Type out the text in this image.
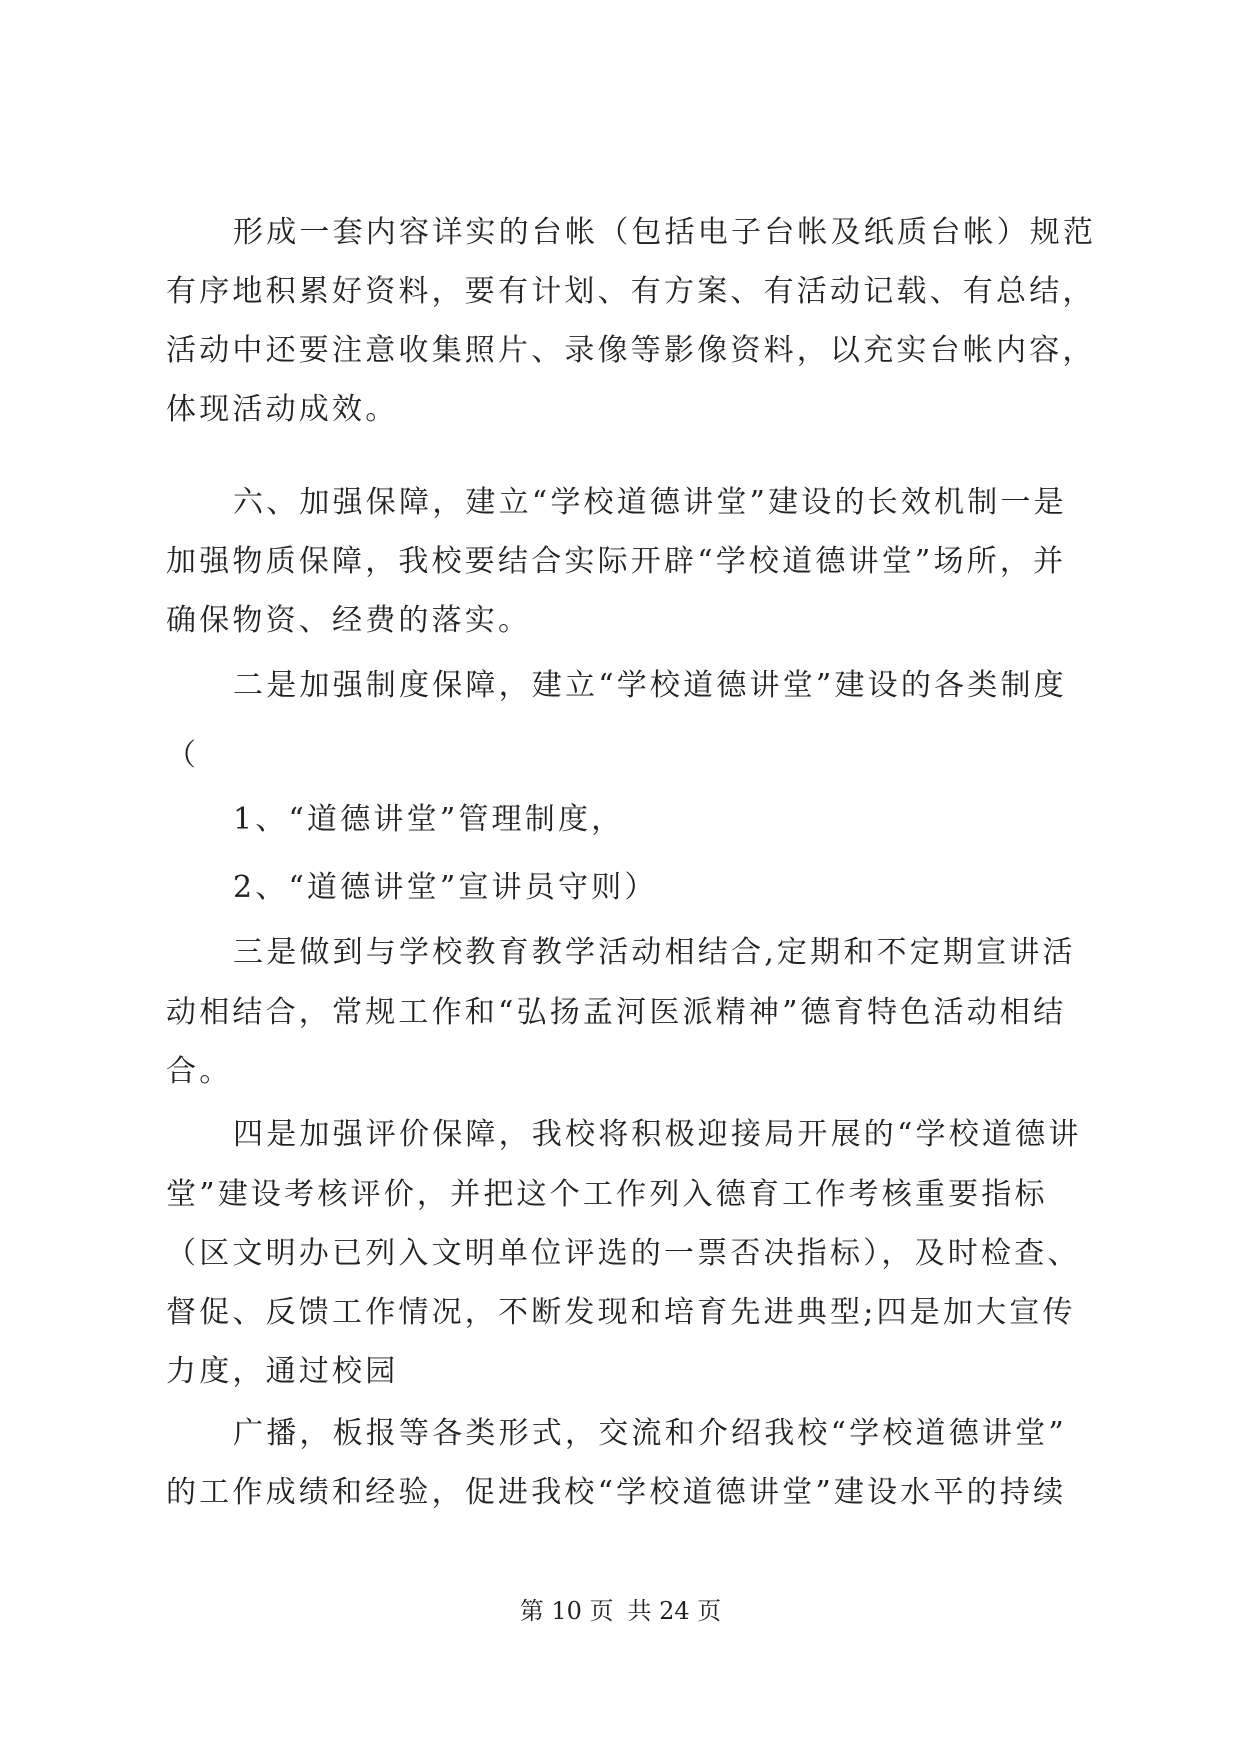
形成一套内容详实的台帐（包括电子台帐及纸质台帐）规范
有序地积累好资料，要有计划、有方案、有活动记载、有总结，
活动中还要注意收集照片、录像等影像资料，以充实台帐内容，
体现活动成效。
六、加强保障，建立“学校道德讲堂”建设的长效机制一是
加强物质保障，我校要结合实际开辟“学校道德讲堂”场所，并
确保物资、经费的落实。
二是加强制度保障，建立“学校道德讲堂”建设的各类制度
（
1、“道德讲堂”管理制度，
2、“道德讲堂”宣讲员守则）
三是做到与学校教育教学活动相结合,定期和不定期宣讲活
动相结合，常规工作和“弘扬孟河医派精神”德育特色活动相结
合。
四是加强评价保障，我校将积极迎接局开展的“学校道德讲
堂”建设考核评价，并把这个工作列入德育工作考核重要指标
（区文明办已列入文明单位评选的一票否决指标），及时检查、
督促、反馈工作情况，不断发现和培育先进典型;四是加大宣传
力度，通过校园
广播，板报等各类形式，交流和介绍我校“学校道德讲堂”
的工作成绩和经验，促进我校“学校道德讲堂”建设水平的持续
第 10 页 共 24 页
